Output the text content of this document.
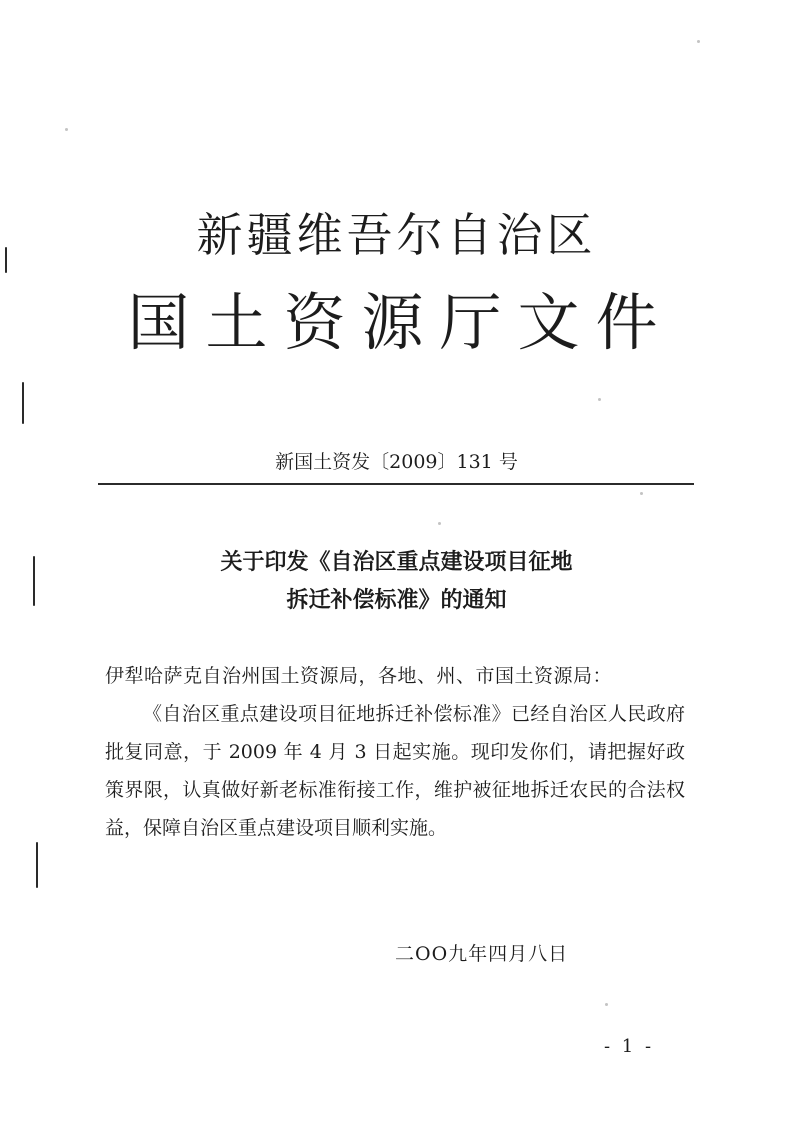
新疆维吾尔自治区
国土资源厅文件
新国土资发〔2009〕131 号
关于印发《自治区重点建设项目征地
拆迁补偿标准》的通知

伊犁哈萨克自治州国土资源局，各地、州、市国土资源局：

《自治区重点建设项目征地拆迁补偿标准》已经自治区人民政府批复同意，于 2009 年 4 月 3 日起实施。现印发你们，请把握好政策界限，认真做好新老标准衔接工作，维护被征地拆迁农民的合法权益，保障自治区重点建设项目顺利实施。

二OO九年四月八日
- 1 -
